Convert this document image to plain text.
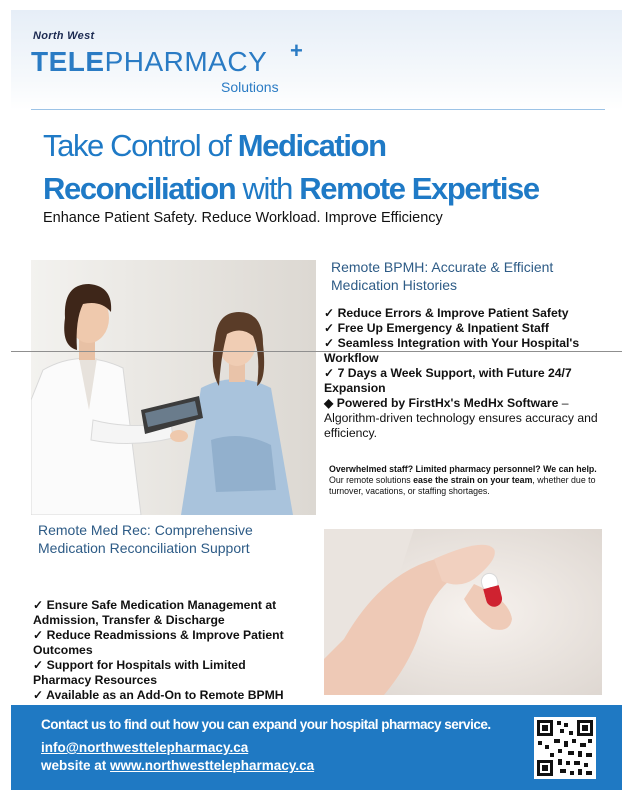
North West
TELEPHARMACY +
Solutions
Take Control of Medication
Reconciliation with Remote Expertise
Enhance Patient Safety. Reduce Workload. Improve Efficiency
Remote BPMH: Accurate & Efficient
Medication Histories
✓ Reduce Errors & Improve Patient Safety
✓ Free Up Emergency & Inpatient Staff
✓ Seamless Integration with Your Hospital's
Workflow
✓ 7 Days a Week Support, with Future 24/7
Expansion
◆ Powered by FirstHx's MedHx Software – Algorithm-driven technology ensures accuracy and efficiency.
Overwhelmed staff? Limited pharmacy personnel? We can help.
Our remote solutions ease the strain on your team, whether due to turnover, vacations, or staffing shortages.
Remote Med Rec: Comprehensive
Medication Reconciliation Support
✓ Ensure Safe Medication Management at
Admission, Transfer & Discharge
✓ Reduce Readmissions & Improve Patient
Outcomes
✓ Support for Hospitals with Limited
Pharmacy Resources
✓ Available as an Add-On to Remote BPMH
Contact us to find out how you can expand your hospital pharmacy service.
info@northwesttelepharmacy.ca
website at www.northwesttelepharmacy.ca
